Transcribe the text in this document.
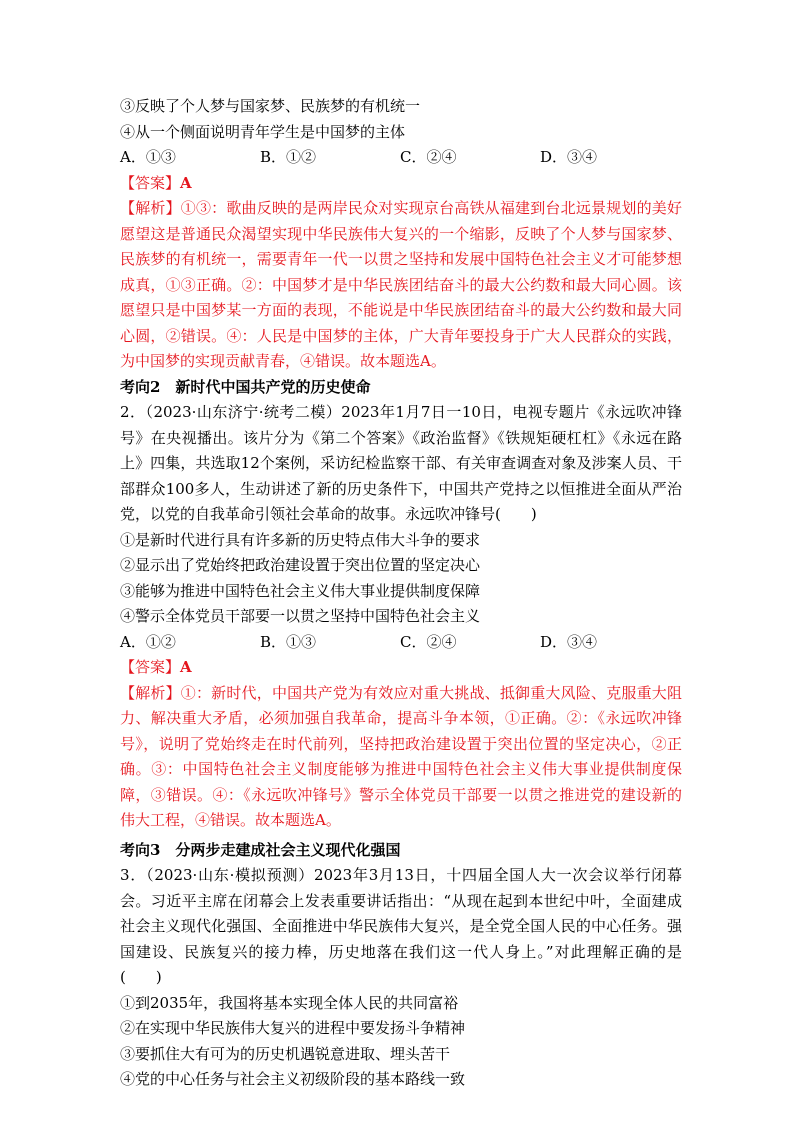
③反映了个人梦与国家梦、民族梦的有机统一
④从一个侧面说明青年学生是中国梦的主体
A．①③	B．①②	C．②④	D．③④
【答案】A

【解析】①③：歌曲反映的是两岸民众对实现京台高铁从福建到台北远景规划的美好愿望这是普通民众渴望实现中华民族伟大复兴的一个缩影，反映了个人梦与国家梦、民族梦的有机统一，需要青年一代一以贯之坚持和发展中国特色社会主义才可能梦想成真，①③正确。②：中国梦才是中华民族团结奋斗的最大公约数和最大同心圆。该愿望只是中国梦某一方面的表现，不能说是中华民族团结奋斗的最大公约数和最大同心圆，②错误。④：人民是中国梦的主体，广大青年要投身于广大人民群众的实践，为中国梦的实现贡献青春，④错误。故本题选A。

考向2　新时代中国共产党的历史使命

2．（2023·山东济宁·统考二模）2023年1月7日一10日，电视专题片《永远吹冲锋号》在央视播出。该片分为《第二个答案》《政治监督》《铁规矩硬杠杠》《永远在路上》四集，共选取12个案例，采访纪检监察干部、有关审查调查对象及涉案人员、干部群众100多人，生动讲述了新的历史条件下，中国共产党持之以恒推进全面从严治党，以党的自我革命引领社会革命的故事。永远吹冲锋号(　　)

①是新时代进行具有许多新的历史特点伟大斗争的要求
②显示出了党始终把政治建设置于突出位置的坚定决心
③能够为推进中国特色社会主义伟大事业提供制度保障
④警示全体党员干部要一以贯之坚持中国特色社会主义
A．①②	B．①③	C．②④	D．③④
【答案】A

【解析】①：新时代，中国共产党为有效应对重大挑战、抵御重大风险、克服重大阻力、解决重大矛盾，必须加强自我革命，提高斗争本领，①正确。②：《永远吹冲锋号》，说明了党始终走在时代前列，坚持把政治建设置于突出位置的坚定决心，②正确。③：中国特色社会主义制度能够为推进中国特色社会主义伟大事业提供制度保障，③错误。④：《永远吹冲锋号》警示全体党员干部要一以贯之推进党的建设新的伟大工程，④错误。故本题选A。

考向3　分两步走建成社会主义现代化强国

3．（2023·山东·模拟预测）2023年3月13日，十四届全国人大一次会议举行闭幕会。习近平主席在闭幕会上发表重要讲话指出：“从现在起到本世纪中叶，全面建成社会主义现代化强国、全面推进中华民族伟大复兴，是全党全国人民的中心任务。强国建设、民族复兴的接力棒，历史地落在我们这一代人身上。”对此理解正确的是(　　)

①到2035年，我国将基本实现全体人民的共同富裕
②在实现中华民族伟大复兴的进程中要发扬斗争精神
③要抓住大有可为的历史机遇锐意进取、埋头苦干
④党的中心任务与社会主义初级阶段的基本路线一致
